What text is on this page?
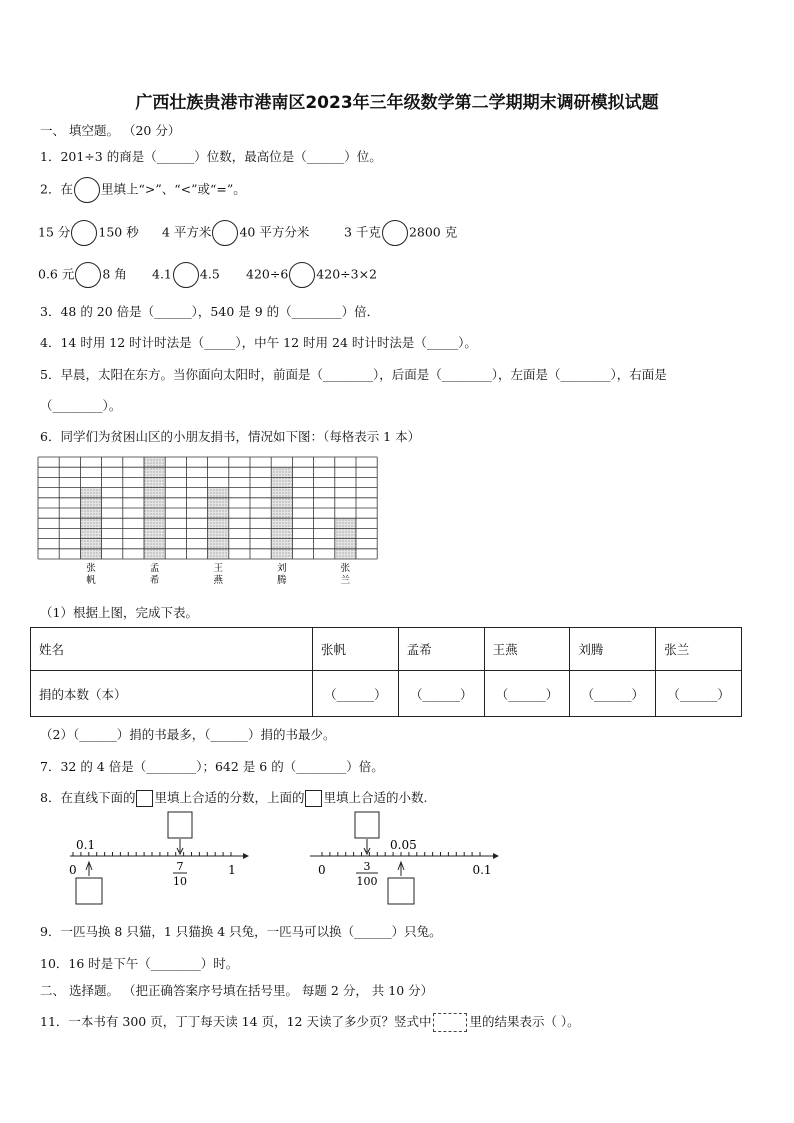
广西壮族贵港市港南区2023年三年级数学第二学期期末调研模拟试题
一、 填空题。 （20 分）
1．201÷3 的商是（______）位数，最高位是（______）位。
2．在 里填上“>”、“<”或“=”。
15 分 150 秒 4 平方米 40 平方分米	3 千克 2800 克
0.6 元 8 角 4.1 4.5 420÷6 420÷3×2
3．48 的 20 倍是（______），540 是 9 的（________）倍．
4．14 时用 12 时计时法是（_____），中午 12 时用 24 时计时法是（_____）。
5．早晨，太阳在东方。当你面向太阳时，前面是（________），后面是（________），左面是（________），右面是
（________）。
6．同学们为贫困山区的小朋友捐书，情况如下图：（每格表示 1 本）
张
帆
孟
希
王
燕
刘
腾
张
兰
（1）根据上图，完成下表。
姓名	张帆	孟希	王燕	刘腾	张兰
捐的本数（本）	（______）	（______）	（______）	（______）	（______）
（2）（______）捐的书最多，（______）捐的书最少。
7．32 的 4 倍是（________）；642 是 6 的（________）倍。
8．在直线下面的 里填上合适的分数，上面的 里填上合适的小数.
0.1
0	7
10
1
0.05
0	3
100
0.1
9．一匹马换 8 只猫，1 只猫换 4 只兔，一匹马可以换（______）只兔。
10．16 时是下午（________）时。
二、 选择题。 （把正确答案序号填在括号里。 每题 2 分， 共 10 分）
11．一本书有 300 页，丁丁每天读 14 页，12 天读了多少页？竖式中	里的结果表示（ ）。
